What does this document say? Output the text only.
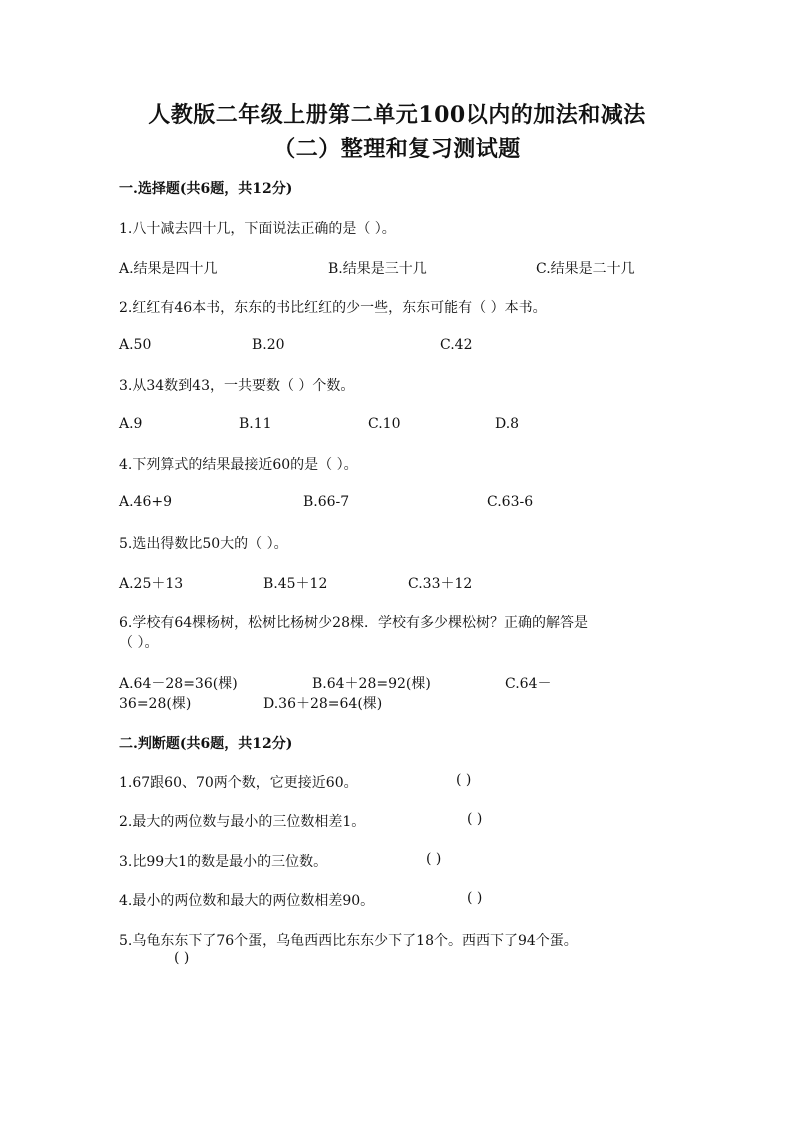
人教版二年级上册第二单元100以内的加法和减法
（二）整理和复习测试题
一.选择题(共6题，共12分)
1.八十减去四十几，下面说法正确的是（ ）。
A.结果是四十几	B.结果是三十几	C.结果是二十几
2.红红有46本书，东东的书比红红的少一些，东东可能有（ ）本书。
A.50	B.20	C.42
3.从34数到43，一共要数（ ）个数。
A.9	B.11	C.10	D.8
4.下列算式的结果最接近60的是（ ）。
A.46+9	B.66-7	C.63-6
5.选出得数比50大的（ ）。
A.25＋13	B.45＋12	C.33＋12
6.学校有64棵杨树，松树比杨树少28棵．学校有多少棵松树？正确的解答是
（ ）。
A.64－28=36(棵)	B.64＋28=92(棵)	C.64－
36=28(棵)	D.36＋28=64(棵)
二.判断题(共6题，共12分)
1.67跟60、70两个数，它更接近60。	( )
2.最大的两位数与最小的三位数相差1。	( )
3.比99大1的数是最小的三位数。	( )
4.最小的两位数和最大的两位数相差90。	( )
5.乌龟东东下了76个蛋，乌龟西西比东东少下了18个。西西下了94个蛋。
( )
